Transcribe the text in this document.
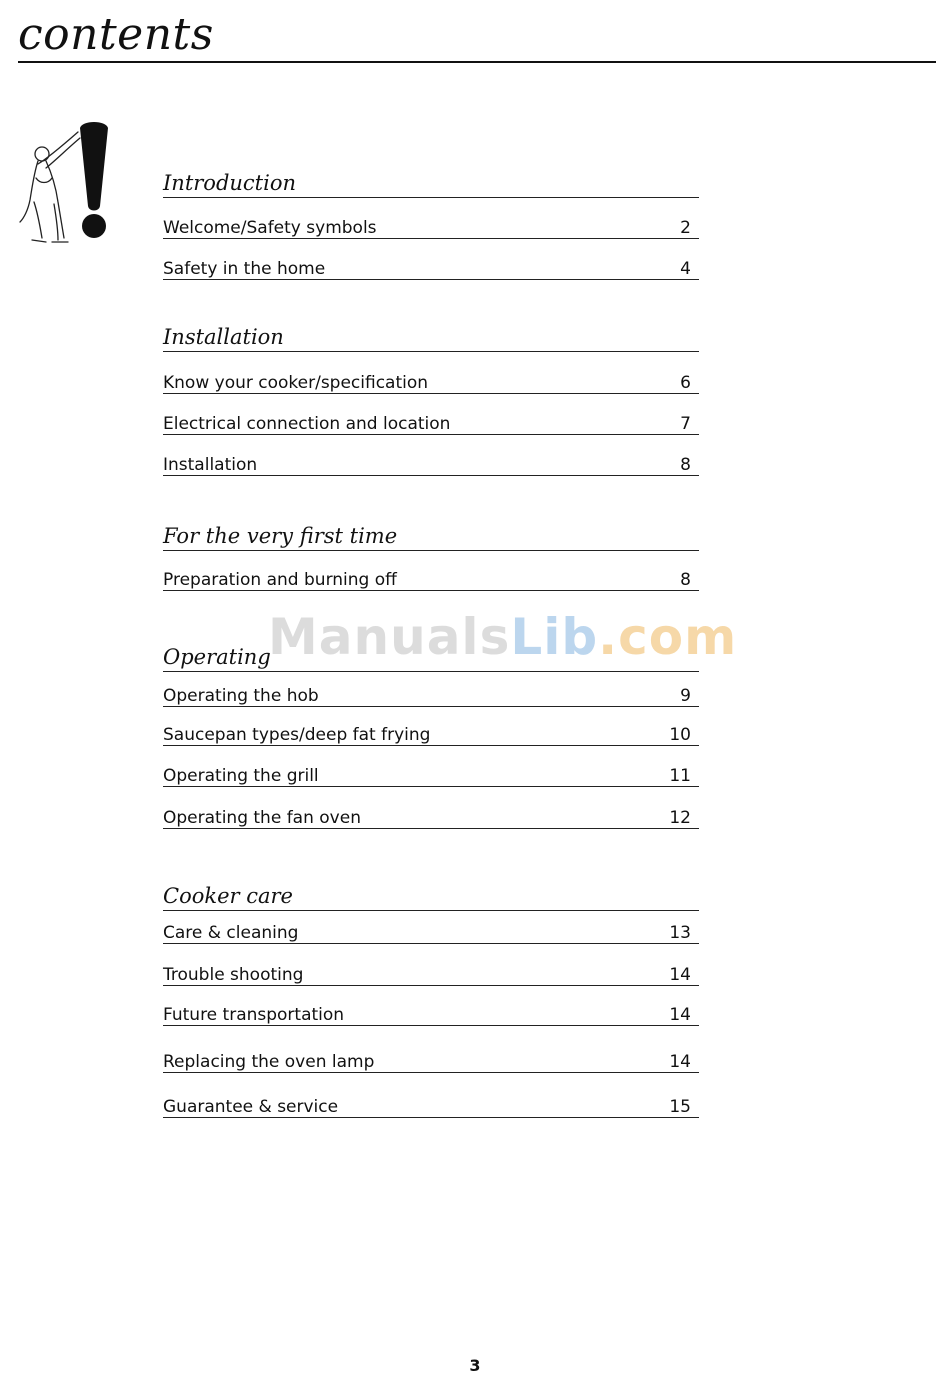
contents
Introduction
Welcome/Safety symbols	2
Safety in the home	4
Installation
Know your cooker/specification	6
Electrical connection and location	7
Installation	8
For the very first time
Preparation and burning off	8
ManualsLib.com
Operating
Operating the hob	9
Saucepan types/deep fat frying	10
Operating the grill	11
Operating the fan oven	12
Cooker care
Care & cleaning	13
Trouble shooting	14
Future transportation	14
Replacing the oven lamp	14
Guarantee & service	15
3
